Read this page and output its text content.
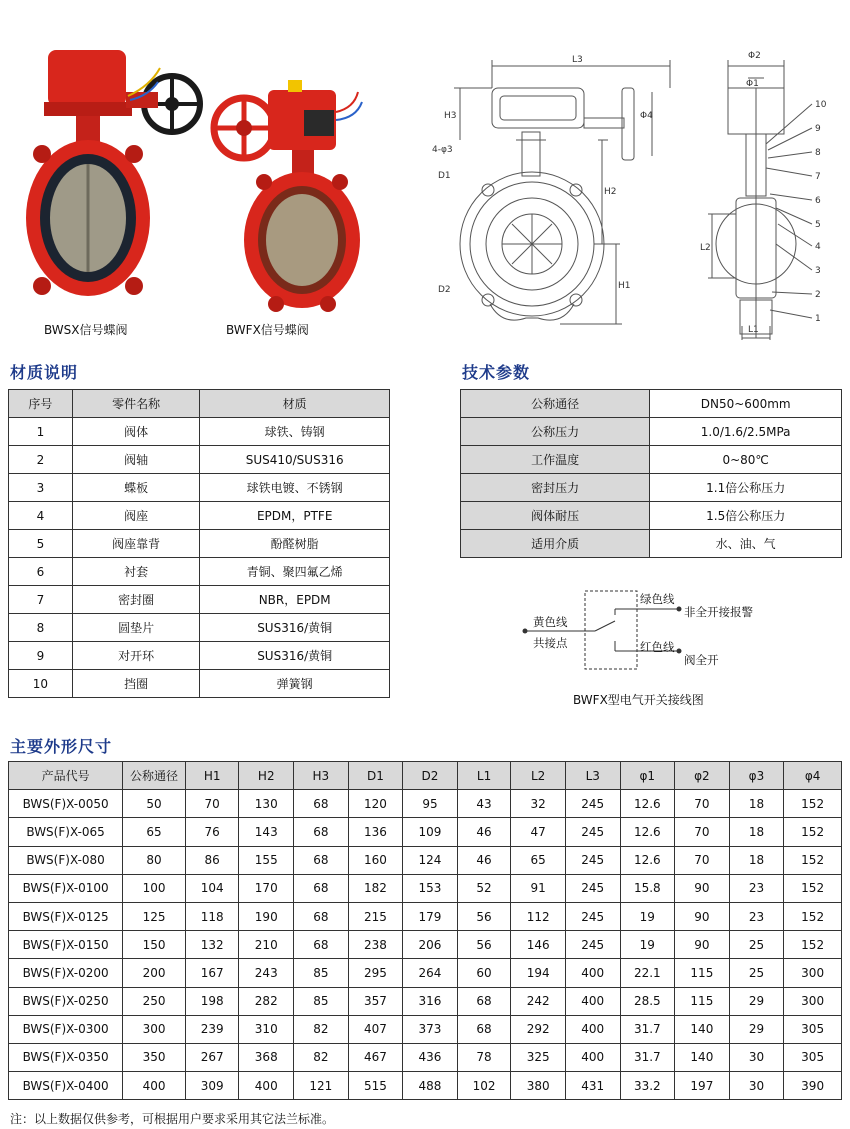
BWSX信号蝶阀	BWFX信号蝶阀
L3
H3	Φ4
4-φ3
D1
D2
H2
H1
Φ2
Φ1
L2
L1
10
9
8
7
6
5
4
3
2
1
材质说明
序号	零件名称	材质
1	阀体	球铁、铸钢
2	阀轴	SUS410/SUS316
3	蝶板	球铁电镀、不锈钢
4	阀座	EPDM，PTFE
5	阀座靠背	酚醛树脂
6	衬套	青铜、聚四氟乙烯
7	密封圈	NBR，EPDM
8	圆垫片	SUS316/黄铜
9	对开环	SUS316/黄铜
10	挡圈	弹簧钢
技术参数
公称通径	DN50~600mm
公称压力	1.0/1.6/2.5MPa
工作温度	0~80℃
密封压力	1.1倍公称压力
阀体耐压	1.5倍公称压力
适用介质	水、油、气
绿色线
非全开接报警
黄色线
共接点	红色线
阀全开
BWFX型电气开关接线图
主要外形尺寸
产品代号	公称通径	H1	H2	H3	D1	D2	L1	L2	L3	φ1	φ2	φ3	φ4
BWS(F)X-0050	50	70	130	68	120	95	43	32	245	12.6	70	18	152
BWS(F)X-065	65	76	143	68	136	109	46	47	245	12.6	70	18	152
BWS(F)X-080	80	86	155	68	160	124	46	65	245	12.6	70	18	152
BWS(F)X-0100	100	104	170	68	182	153	52	91	245	15.8	90	23	152
BWS(F)X-0125	125	118	190	68	215	179	56	112	245	19	90	23	152
BWS(F)X-0150	150	132	210	68	238	206	56	146	245	19	90	25	152
BWS(F)X-0200	200	167	243	85	295	264	60	194	400	22.1	115	25	300
BWS(F)X-0250	250	198	282	85	357	316	68	242	400	28.5	115	29	300
BWS(F)X-0300	300	239	310	82	407	373	68	292	400	31.7	140	29	305
BWS(F)X-0350	350	267	368	82	467	436	78	325	400	31.7	140	30	305
BWS(F)X-0400	400	309	400	121	515	488	102	380	431	33.2	197	30	390
注：以上数据仅供参考，可根据用户要求采用其它法兰标准。
